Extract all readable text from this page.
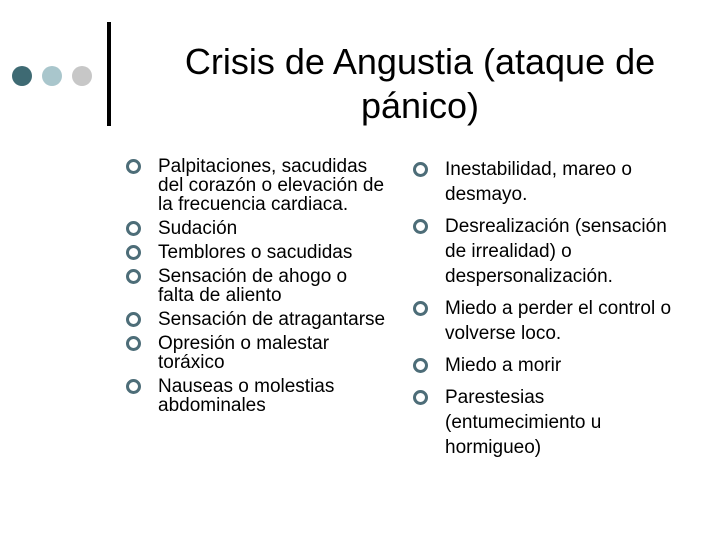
Crisis de Angustia (ataque de pánico)
Palpitaciones, sacudidas del corazón o elevación de la frecuencia cardiaca.
Sudación
Temblores o sacudidas
Sensación de ahogo o falta de aliento
Sensación de atragantarse
Opresión o malestar toráxico
Nauseas o molestias abdominales
Inestabilidad, mareo o desmayo.
Desrealización (sensación de irrealidad) o despersonalización.
Miedo a perder el control o volverse loco.
Miedo a morir
Parestesias (entumecimiento u hormigueo)
